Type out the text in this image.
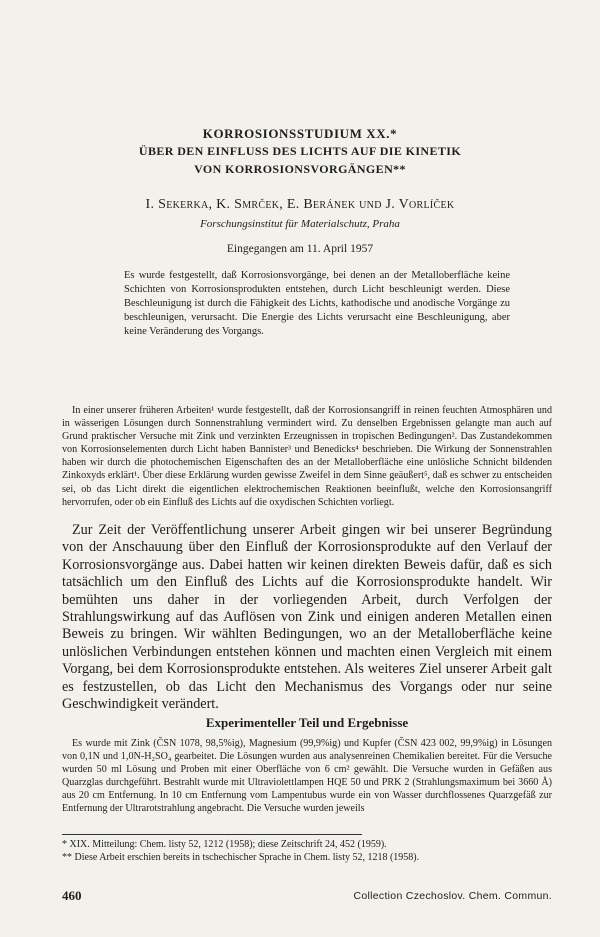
KORROSIONSSTUDIUM XX.*
ÜBER DEN EINFLUSS DES LICHTS AUF DIE KINETIK
VON KORROSIONSVORGÄNGEN**
I. Sekerka, K. Smrček, E. Beránek und J. Vorlíček
Forschungsinstitut für Materialschutz, Praha
Eingegangen am 11. April 1957
Es wurde festgestellt, daß Korrosionsvorgänge, bei denen an der Metalloberfläche keine Schichten von Korrosionsprodukten entstehen, durch Licht beschleunigt werden. Diese Beschleunigung ist durch die Fähigkeit des Lichts, kathodische und anodische Vorgänge zu beschleunigen, verursacht. Die Energie des Lichts verursacht eine Beschleunigung, aber keine Veränderung des Vorgangs.
In einer unserer früheren Arbeiten¹ wurde festgestellt, daß der Korrosionsangriff in reinen feuchten Atmosphären und in wässerigen Lösungen durch Sonnenstrahlung vermindert wird. Zu denselben Ergebnissen gelangte man auch auf Grund praktischer Versuche mit Zink und verzinkten Erzeugnissen in tropischen Bedingungen². Das Zustandekommen von Korrosionselementen durch Licht haben Bannister³ und Benedicks⁴ beschrieben. Die Wirkung der Sonnenstrahlen haben wir durch die photochemischen Eigenschaften des an der Metalloberfläche eine unlösliche Schnicht bildenden Zinkoxyds erklärt¹. Über diese Erklärung wurden gewisse Zweifel in dem Sinne geäußert⁵, daß es schwer zu entscheiden sei, ob das Licht direkt die eigentlichen elektrochemischen Reaktionen beeinflußt, welche den Korrosionsangriff hervorrufen, oder ob ein Einfluß des Lichts auf die oxydischen Schichten vorliegt.
Zur Zeit der Veröffentlichung unserer Arbeit gingen wir bei unserer Begründung von der Anschauung über den Einfluß der Korrosionsprodukte auf den Verlauf der Korrosionsvorgänge aus. Dabei hatten wir keinen direkten Beweis dafür, daß es sich tatsächlich um den Einfluß des Lichts auf die Korrosionsprodukte handelt. Wir bemühten uns daher in der vorliegenden Arbeit, durch Verfolgen der Strahlungswirkung auf das Auflösen von Zink und einigen anderen Metallen einen Beweis zu bringen. Wir wählten Bedingungen, wo an der Metalloberfläche keine unlöslichen Verbindungen entstehen können und machten einen Vergleich mit einem Vorgang, bei dem Korrosionsprodukte entstehen. Als weiteres Ziel unserer Arbeit galt es festzustellen, ob das Licht den Mechanismus des Vorgangs oder nur seine Geschwindigkeit verändert.
Experimenteller Teil und Ergebnisse
Es wurde mit Zink (ČSN 1078, 98,5%ig), Magnesium (99,9%ig) und Kupfer (ČSN 423 002, 99,9%ig) in Lösungen von 0,1N und 1,0N-H₂SO₄ gearbeitet. Die Lösungen wurden aus analysenreinen Chemikalien bereitet. Für die Versuche wurden 50 ml Lösung und Proben mit einer Oberfläche von 6 cm² gewählt. Die Versuche wurden in Gefäßen aus Quarzglas durchgeführt. Bestrahlt wurde mit Ultraviolettlampen HQE 50 und PRK 2 (Strahlungsmaximum bei 3660 Å) aus 20 cm Entfernung. In 10 cm Entfernung vom Lampentubus wurde ein von Wasser durchflossenes Quarzgefäß zur Entfernung der Ultrarotstrahlung angebracht. Die Versuche wurden jeweils
* XIX. Mitteilung: Chem. listy 52, 1212 (1958); diese Zeitschrift 24, 452 (1959).
** Diese Arbeit erschien bereits in tschechischer Sprache in Chem. listy 52, 1218 (1958).
460	Collection Czechoslov. Chem. Commun.
